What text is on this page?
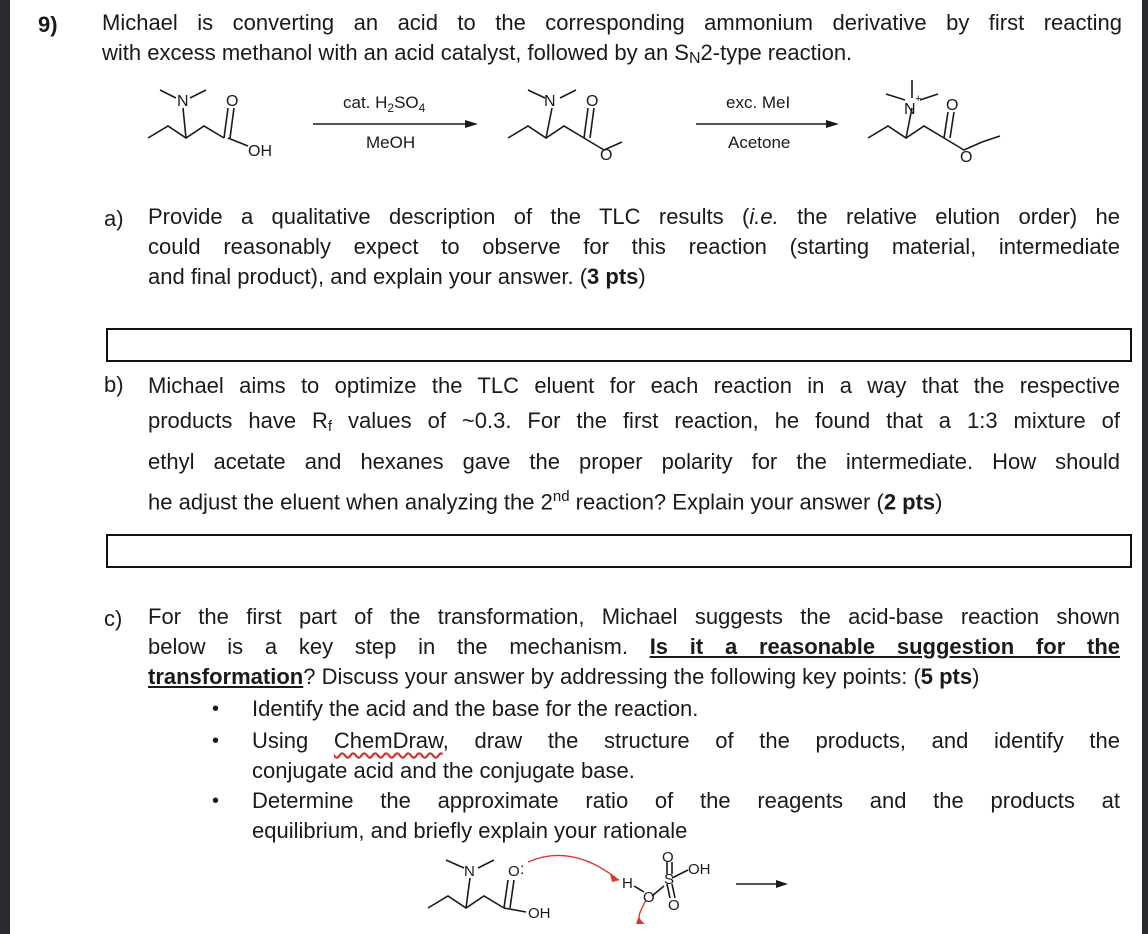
9) Michael is converting an acid to the corresponding ammonium derivative by first reacting
with excess methanol with an acid catalyst, followed by an SN2-type reaction.
N O
OH
N O
O
N
+ O
O
cat. $H_2SO_4$
MeOH
exc. MeI
Acetone
a) Provide a qualitative description of the TLC results (i.e. the relative elution order) he
could reasonably expect to observe for this reaction (starting material, intermediate
and final product), and explain your answer. (3 pts)
b) Michael aims to optimize the TLC eluent for each reaction in a way that the respective
products have Rf values of ~0.3. For the first reaction, he found that a 1:3 mixture of
ethyl acetate and hexanes gave the proper polarity for the intermediate. How should
he adjust the eluent when analyzing the 2nd reaction? Explain your answer (2 pts)
c) For the first part of the transformation, Michael suggests the acid-base reaction shown
below is a key step in the mechanism. Is it a reasonable suggestion for the
transformation? Discuss your answer by addressing the following key points: (5 pts)
• Identify the acid and the base for the reaction.
• Using ChemDraw, draw the structure of the products, and identify the
conjugate acid and the conjugate base.
• Determine the approximate ratio of the reagents and the products at
equilibrium, and briefly explain your rationale
N O :
OH
H
O
S
O
O
OH
